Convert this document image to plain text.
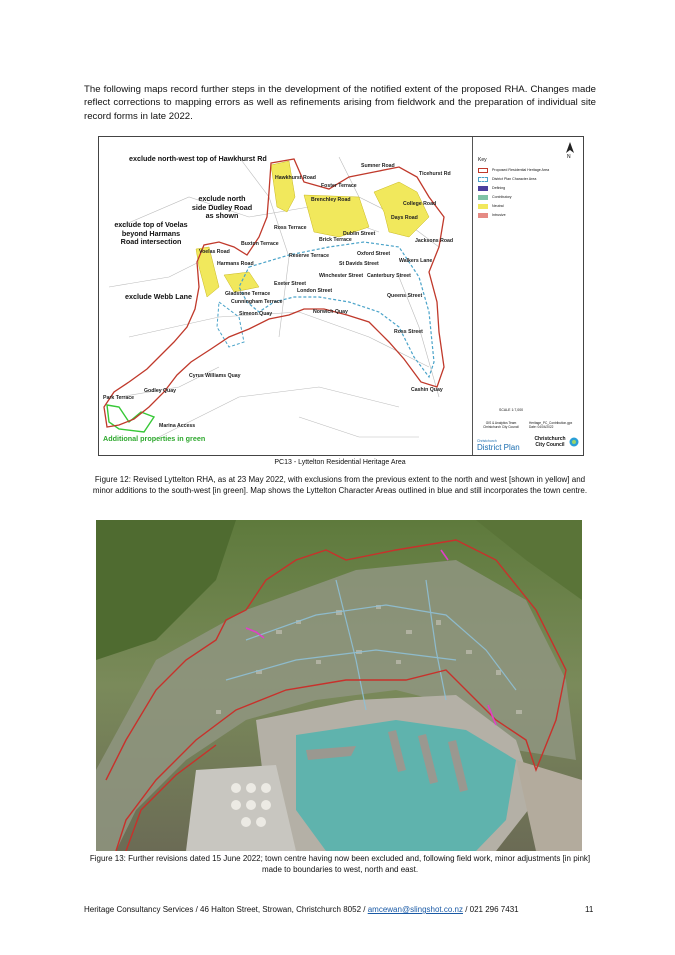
The following maps record further steps in the development of the notified extent of the proposed RHA. Changes made reflect corrections to mapping errors as well as refinements arising from fieldwork and the preparation of individual site record forms in late 2022.
Sumner Road
Brenchley Road
Days Road
Ticehurst Rd
Harmans Road
Winchester Street
Oxford Street
London Street
Norwich Quay
Simeon Quay
Cyrus Williams Quay
Godley Quay
Gladstone Terrace
Cunningham Terrace
Voelas Road
Dublin Street
Canterbury Street
Exeter Street
Reserve Terrace
Cashin Quay
Park Terrace
Marina Access
Ross Terrace
Hawkhurst Road
Foster Terrace
Brick Terrace
Buxton Terrace
College Road
Jacksons Road
Queens Street
Ross Street
Walkers Lane
St Davids Street
exclude north-west top of Hawkhurst Rd
exclude north side Dudley Road as shown
exclude top of Voelas beyond Harmans Road intersection
exclude Webb Lane
Additional properties in green
N
Key
Proposed Residential Heritage Area
District Plan Character Area
Defining
Contributory
Neutral
Intrusive
SCALE 1:7,000
GIS & Analytics Team Christchurch City Council
Heritage_PC_Contribution.gpx Date: 04/04/2022
Christchurch
District Plan
Christchurch City Council
PC13 - Lyttelton Residential Heritage Area
Figure 12: Revised Lyttelton RHA, as at 23 May 2022, with exclusions from the previous extent to the north and west [shown in yellow] and minor additions to the south-west [in green]. Map shows the Lyttelton Character Areas outlined in blue and still incorporates the town centre.
Figure 13: Further revisions dated 15 June 2022; town centre having now been excluded and, following field work, minor adjustments [in pink] made to boundaries to west, north and east.
Heritage Consultancy Services / 46 Halton Street, Strowan, Christchurch 8052 / amcewan@slingshot.co.nz / 021 296 7431	11
